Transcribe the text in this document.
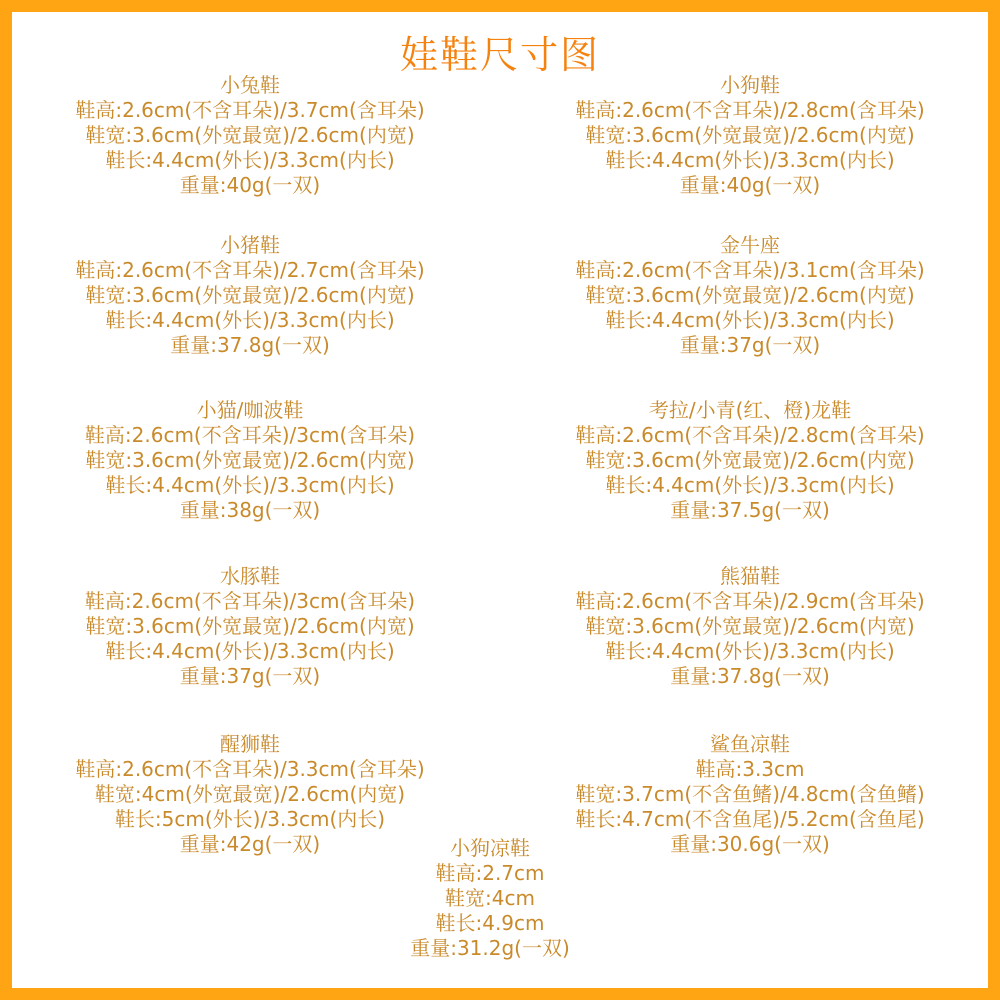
娃鞋尺寸图
小兔鞋
鞋高:2.6cm(不含耳朵)/3.7cm(含耳朵)
鞋宽:3.6cm(外宽最宽)/2.6cm(内宽)
鞋长:4.4cm(外长)/3.3cm(内长)
重量:40g(一双)
小狗鞋
鞋高:2.6cm(不含耳朵)/2.8cm(含耳朵)
鞋宽:3.6cm(外宽最宽)/2.6cm(内宽)
鞋长:4.4cm(外长)/3.3cm(内长)
重量:40g(一双)
小猪鞋
鞋高:2.6cm(不含耳朵)/2.7cm(含耳朵)
鞋宽:3.6cm(外宽最宽)/2.6cm(内宽)
鞋长:4.4cm(外长)/3.3cm(内长)
重量:37.8g(一双)
金牛座
鞋高:2.6cm(不含耳朵)/3.1cm(含耳朵)
鞋宽:3.6cm(外宽最宽)/2.6cm(内宽)
鞋长:4.4cm(外长)/3.3cm(内长)
重量:37g(一双)
小猫/咖波鞋
鞋高:2.6cm(不含耳朵)/3cm(含耳朵)
鞋宽:3.6cm(外宽最宽)/2.6cm(内宽)
鞋长:4.4cm(外长)/3.3cm(内长)
重量:38g(一双)
考拉/小青(红、橙)龙鞋
鞋高:2.6cm(不含耳朵)/2.8cm(含耳朵)
鞋宽:3.6cm(外宽最宽)/2.6cm(内宽)
鞋长:4.4cm(外长)/3.3cm(内长)
重量:37.5g(一双)
水豚鞋
鞋高:2.6cm(不含耳朵)/3cm(含耳朵)
鞋宽:3.6cm(外宽最宽)/2.6cm(内宽)
鞋长:4.4cm(外长)/3.3cm(内长)
重量:37g(一双)
熊猫鞋
鞋高:2.6cm(不含耳朵)/2.9cm(含耳朵)
鞋宽:3.6cm(外宽最宽)/2.6cm(内宽)
鞋长:4.4cm(外长)/3.3cm(内长)
重量:37.8g(一双)
醒狮鞋
鞋高:2.6cm(不含耳朵)/3.3cm(含耳朵)
鞋宽:4cm(外宽最宽)/2.6cm(内宽)
鞋长:5cm(外长)/3.3cm(内长)
重量:42g(一双)
鲨鱼凉鞋
鞋高:3.3cm
鞋宽:3.7cm(不含鱼鳍)/4.8cm(含鱼鳍)
鞋长:4.7cm(不含鱼尾)/5.2cm(含鱼尾)
重量:30.6g(一双)
小狗凉鞋
鞋高:2.7cm
鞋宽:4cm
鞋长:4.9cm
重量:31.2g(一双)
